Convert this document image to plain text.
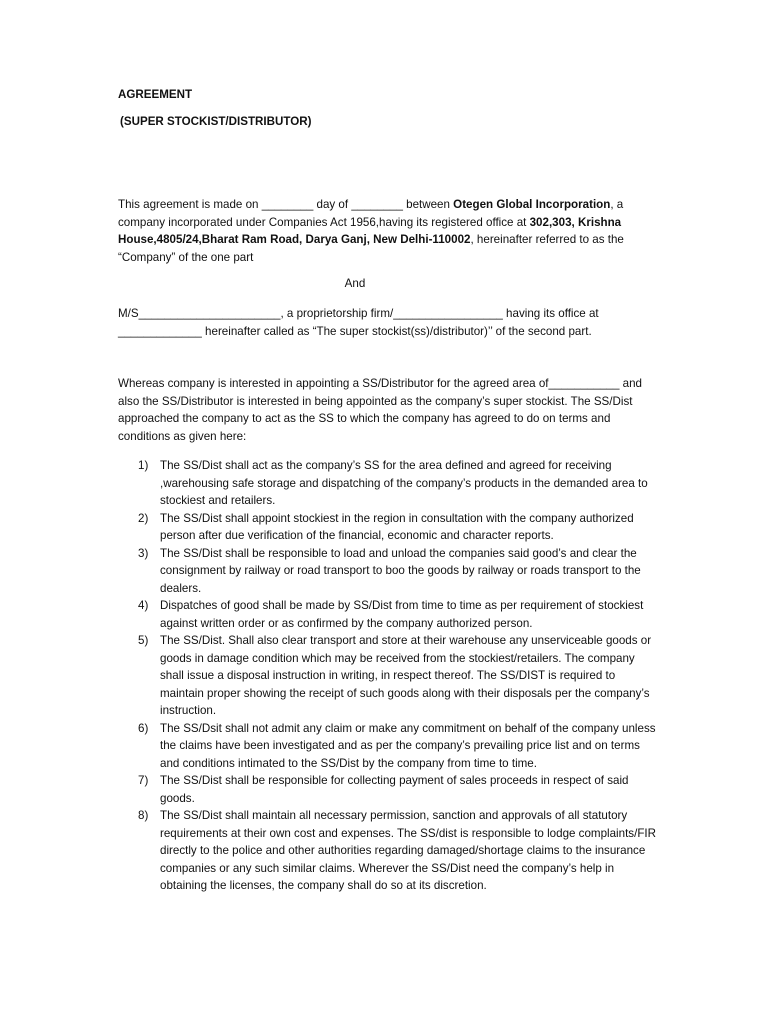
AGREEMENT
(SUPER STOCKIST/DISTRIBUTOR)

This agreement is made on ________ day of ________ between Otegen Global Incorporation, a company incorporated under Companies Act 1956,having its registered office at 302,303, Krishna House,4805/24,Bharat Ram Road, Darya Ganj, New Delhi-110002, hereinafter referred to as the “Company” of the one part

And

M/S______________________, a proprietorship firm/_________________ having its office at _____________ hereinafter called as “The super stockist(ss)/distributor)’’ of the second part.

Whereas company is interested in appointing a SS/Distributor for the agreed area of___________ and also the SS/Distributor is interested in being appointed as the company’s super stockist. The SS/Dist approached the company to act as the SS to which the company has agreed to do on terms and conditions as given here:

1) The SS/Dist shall act as the company’s SS for the area defined and agreed for receiving ,warehousing safe storage and dispatching of the company’s products in the demanded area to stockiest and retailers.
2) The SS/Dist shall appoint stockiest in the region in consultation with the company authorized person after due verification of the financial, economic and character reports.
3) The SS/Dist shall be responsible to load and unload the companies said good’s and clear the consignment by railway or road transport to boo the goods by railway or roads transport to the dealers.
4) Dispatches of good shall be made by SS/Dist from time to time as per requirement of stockiest against written order or as confirmed by the company authorized person.
5) The SS/Dist. Shall also clear transport and store at their warehouse any unserviceable goods or goods in damage condition which may be received from the stockiest/retailers. The company shall issue a disposal instruction in writing, in respect thereof. The SS/DIST is required to maintain proper showing the receipt of such goods along with their disposals per the company’s instruction.
6) The SS/Dsit shall not admit any claim or make any commitment on behalf of the company unless the claims have been investigated and as per the company’s prevailing price list and on terms and conditions intimated to the SS/Dist by the company from time to time.
7) The SS/Dist shall be responsible for collecting payment of sales proceeds in respect of said goods.
8) The SS/Dist shall maintain all necessary permission, sanction and approvals of all statutory requirements at their own cost and expenses. The SS/dist is responsible to lodge complaints/FIR directly to the police and other authorities regarding damaged/shortage claims to the insurance companies or any such similar claims. Wherever the SS/Dist need the company’s help in obtaining the licenses, the company shall do so at its discretion.
